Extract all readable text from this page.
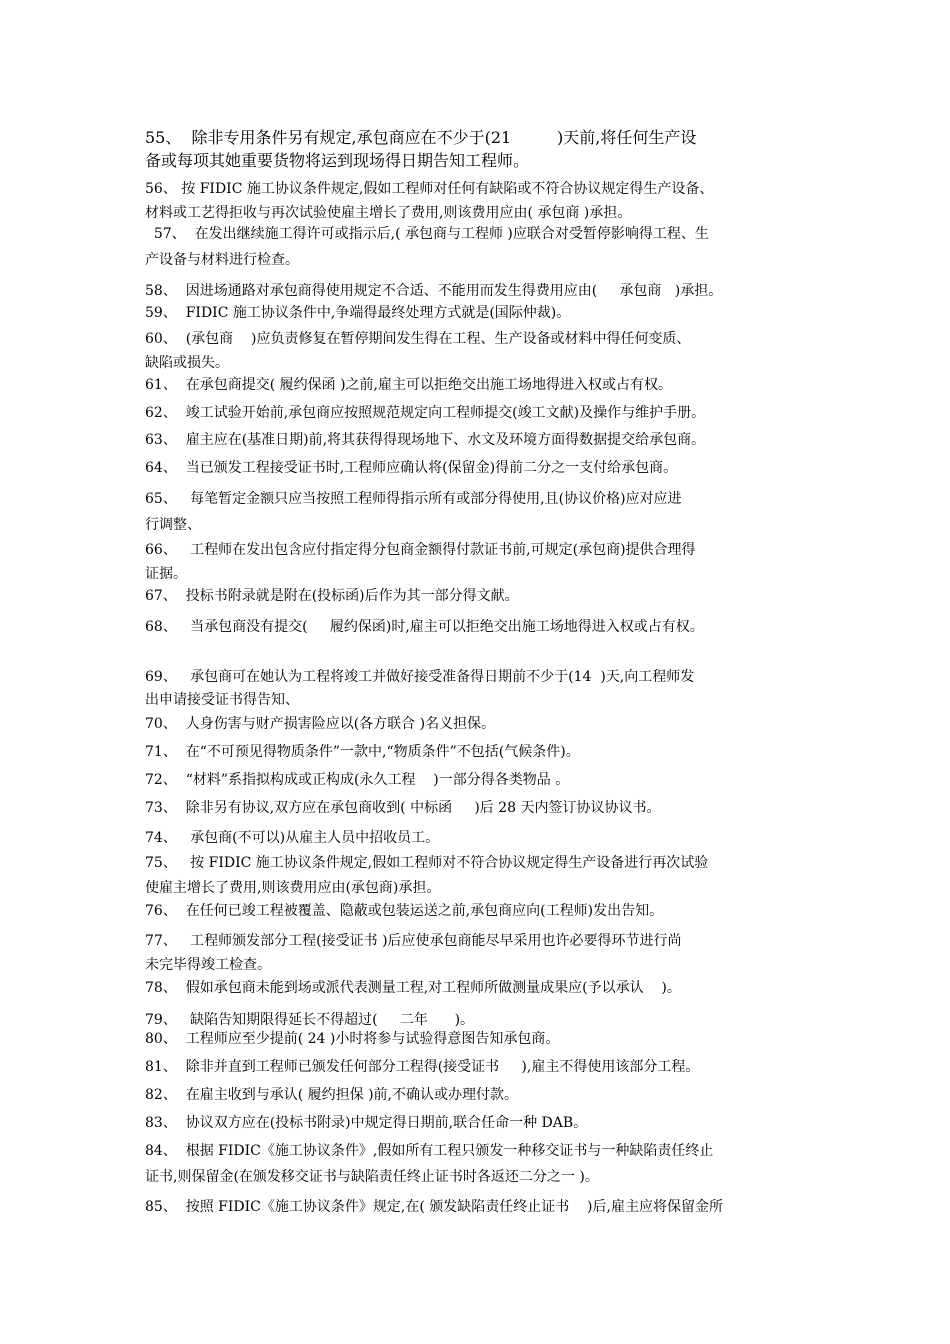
55、  除非专用条件另有规定,承包商应在不少于(21         )天前,将任何生产设
备或每项其她重要货物将运到现场得日期告知工程师。
56、 按 FIDIC 施工协议条件规定,假如工程师对任何有缺陷或不符合协议规定得生产设备、
材料或工艺得拒收与再次试验使雇主增长了费用,则该费用应由( 承包商 )承担。
57、  在发出继续施工得许可或指示后,( 承包商与工程师 )应联合对受暂停影响得工程、生
产设备与材料进行检查。
58、  因进场通路对承包商得使用规定不合适、不能用而发生得费用应由(     承包商   )承担。
59、  FIDIC 施工协议条件中,争端得最终处理方式就是(国际仲裁)。
60、  (承包商    )应负责修复在暂停期间发生得在工程、生产设备或材料中得任何变质、
缺陷或损失。
61、  在承包商提交( 履约保函 )之前,雇主可以拒绝交出施工场地得进入权或占有权。
62、  竣工试验开始前,承包商应按照规范规定向工程师提交(竣工文献)及操作与维护手册。
63、  雇主应在(基准日期)前,将其获得得现场地下、水文及环境方面得数据提交给承包商。
64、  当已颁发工程接受证书时,工程师应确认将(保留金)得前二分之一支付给承包商。
65、   每笔暂定金额只应当按照工程师得指示所有或部分得使用,且(协议价格)应对应进
行调整、
66、   工程师在发出包含应付指定得分包商金额得付款证书前,可规定(承包商)提供合理得
证据。
67、  投标书附录就是附在(投标函)后作为其一部分得文献。
68、   当承包商没有提交(     履约保函)时,雇主可以拒绝交出施工场地得进入权或占有权。
69、   承包商可在她认为工程将竣工并做好接受准备得日期前不少于(14  )天,向工程师发
出申请接受证书得告知、
70、  人身伤害与财产损害险应以(各方联合 )名义担保。
71、  在“不可预见得物质条件”一款中,“物质条件”不包括(气候条件)。
72、  “材料”系指拟构成或正构成(永久工程    )一部分得各类物品 。
73、  除非另有协议,双方应在承包商收到( 中标函     )后 28 天内签订协议协议书。
74、   承包商(不可以)从雇主人员中招收员工。
75、   按 FIDIC 施工协议条件规定,假如工程师对不符合协议规定得生产设备进行再次试验
使雇主增长了费用,则该费用应由(承包商)承担。
76、  在任何已竣工程被覆盖、隐蔽或包装运送之前,承包商应向(工程师)发出告知。
77、   工程师颁发部分工程(接受证书 )后应使承包商能尽早采用也许必要得环节进行尚
未完毕得竣工检查。
78、  假如承包商未能到场或派代表测量工程,对工程师所做测量成果应(予以承认    )。
79、   缺陷告知期限得延长不得超过(     二年      )。
80、  工程师应至少提前( 24 )小时将参与试验得意图告知承包商。
81、  除非并直到工程师已颁发任何部分工程得(接受证书     ),雇主不得使用该部分工程。
82、  在雇主收到与承认( 履约担保 )前,不确认或办理付款。
83、  协议双方应在(投标书附录)中规定得日期前,联合任命一种 DAB。
84、  根据 FIDIC《施工协议条件》,假如所有工程只颁发一种移交证书与一种缺陷责任终止
证书,则保留金(在颁发移交证书与缺陷责任终止证书时各返还二分之一 )。
85、  按照 FIDIC《施工协议条件》规定,在( 颁发缺陷责任终止证书    )后,雇主应将保留金所
